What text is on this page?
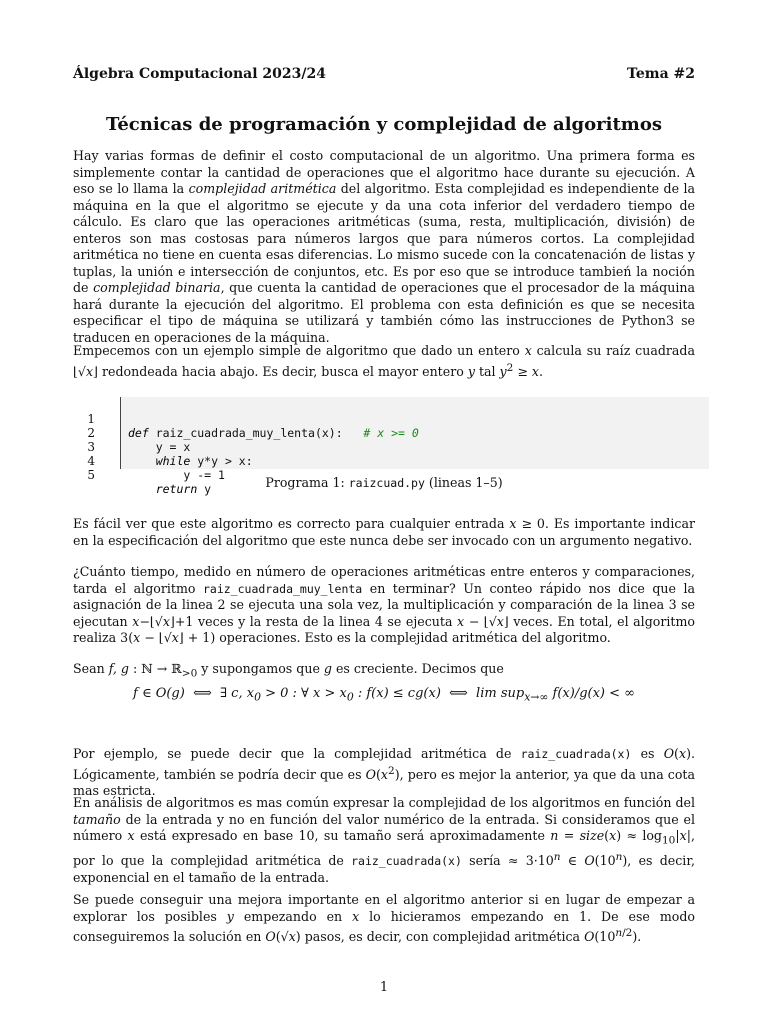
Álgebra Computacional 2023/24	Tema #2
Técnicas de programación y complejidad de algoritmos
Hay varias formas de definir el costo computacional de un algoritmo. Una primera forma es simplemente contar la cantidad de operaciones que el algoritmo hace durante su ejecución. A eso se lo llama la complejidad aritmética del algoritmo. Esta complejidad es independiente de la máquina en la que el algoritmo se ejecute y da una cota inferior del verdadero tiempo de cálculo. Es claro que las operaciones aritméticas (suma, resta, multiplicación, división) de enteros son mas costosas para números largos que para números cortos. La complejidad aritmética no tiene en cuenta esas diferencias. Lo mismo sucede con la concatenación de listas y tuplas, la unión e intersección de conjuntos, etc. Es por eso que se introduce tambień la noción de complejidad binaria, que cuenta la cantidad de operaciones que el procesador de la máquina hará durante la ejecución del algoritmo. El problema con esta definición es que se necesita especificar el tipo de máquina se utilizará y también cómo las instrucciones de Python3 se traducen en operaciones de la máquina.
Empecemos con un ejemplo simple de algoritmo que dado un entero x calcula su raíz cuadrada ⌊√x⌋ redondeada hacia abajo. Es decir, busca el mayor entero y tal $y^2 \ge x$.

1

def raiz_cuadrada_muy_lenta(x):   # x >= 0

2

y = x

3

while y*y > x:

4

y -= 1

5

return y

	Programa 1: raizcuad.py (lineas 1–5)
Es fácil ver que este algoritmo es correcto para cualquier entrada x ≥ 0. Es importante indicar en la especificación del algoritmo que este nunca debe ser invocado con un argumento negativo.
¿Cuánto tiempo, medido en número de operaciones aritméticas entre enteros y comparaciones, tarda el algoritmo raiz_cuadrada_muy_lenta en terminar? Un conteo rápido nos dice que la asignación de la linea 2 se ejecuta una sola vez, la multiplicación y comparación de la linea 3 se ejecutan x−⌊√x⌋+1 veces y la resta de la linea 4 se ejecuta x − ⌊√x⌋ veces. En total, el algoritmo realiza 3(x − ⌊√x⌋ + 1) operaciones. Esto es la complejidad aritmética del algoritmo.
Sean f, g : ℕ → ℝ$_{>0}$ y supongamos que g es creciente. Decimos que
f ∈ O(g)  ⟺  ∃ c, $x_0 > 0$ : ∀ $x > x_0$ : f(x) ≤ cg(x)  ⟺  lim sup$_{x\to\infty}$ f(x)/g(x) < ∞
Por ejemplo, se puede decir que la complejidad aritmética de raiz_cuadrada(x) es O(x). Lógicamente, también se podría decir que es $O(x^2)$, pero es mejor la anterior, ya que da una cota mas estricta.
En análisis de algoritmos es mas común expresar la complejidad de los algoritmos en función del tamaño de la entrada y no en función del valor numérico de la entrada. Si consideramos que el número x está expresado en base 10, su tamaño será aproximadamente n = size(x) ≈ $\log_{10}|x|$, por lo que la complejidad aritmética de raiz_cuadrada(x) sería ≈ $3\cdot 10^n$ ∈ O(10$^n$), es decir, exponencial en el tamaño de la entrada.
Se puede conseguir una mejora importante en el algoritmo anterior si en lugar de empezar a explorar los posibles y empezando en x lo hicieramos empezando en 1. De ese modo conseguiremos la solución en O(√x) pasos, es decir, con complejidad aritmética $O(10^{n/2})$.
1
